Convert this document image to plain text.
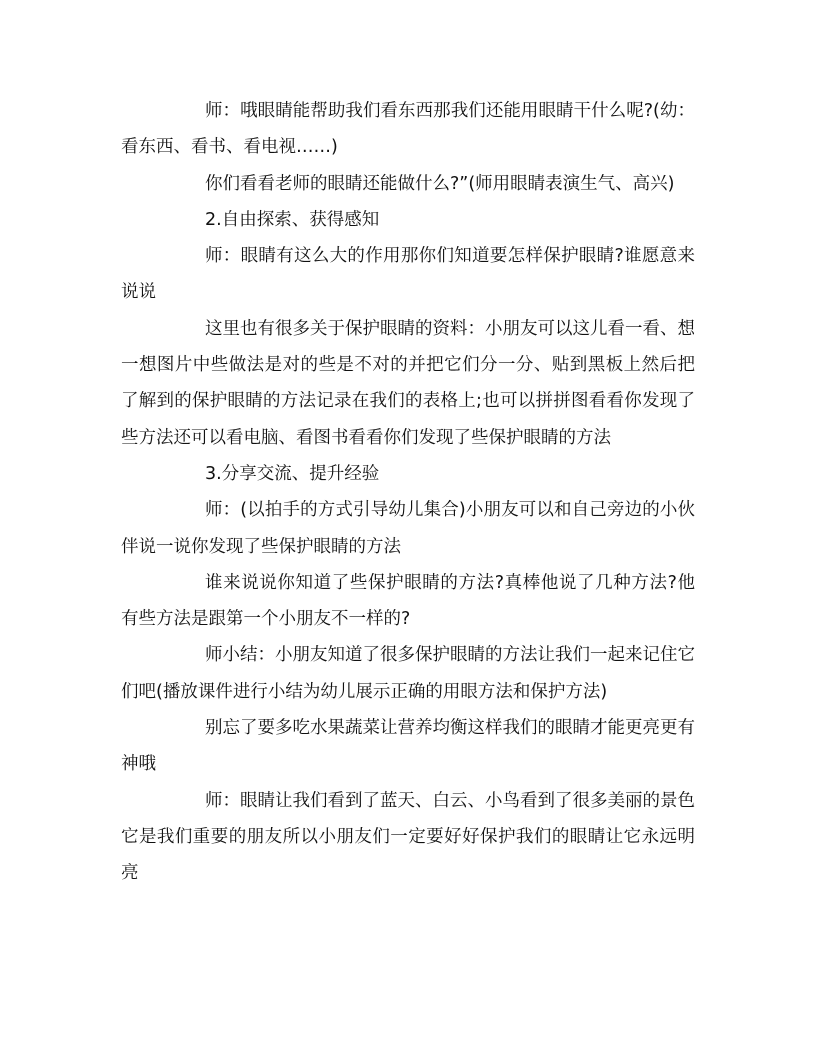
师：哦眼睛能帮助我们看东西那我们还能用眼睛干什么呢?(幼：看东西、看书、看电视……)

你们看看老师的眼睛还能做什么?”(师用眼睛表演生气、高兴)

2.自由探索、获得感知

师：眼睛有这么大的作用那你们知道要怎样保护眼睛?谁愿意来说说

这里也有很多关于保护眼睛的资料：小朋友可以这儿看一看、想一想图片中些做法是对的些是不对的并把它们分一分、贴到黑板上然后把了解到的保护眼睛的方法记录在我们的表格上;也可以拼拼图看看你发现了些方法还可以看电脑、看图书看看你们发现了些保护眼睛的方法

3.分享交流、提升经验

师：(以拍手的方式引导幼儿集合)小朋友可以和自己旁边的小伙伴说一说你发现了些保护眼睛的方法

谁来说说你知道了些保护眼睛的方法?真棒他说了几种方法?他有些方法是跟第一个小朋友不一样的?

师小结：小朋友知道了很多保护眼睛的方法让我们一起来记住它们吧(播放课件进行小结为幼儿展示正确的用眼方法和保护方法)

别忘了要多吃水果蔬菜让营养均衡这样我们的眼睛才能更亮更有神哦

师：眼睛让我们看到了蓝天、白云、小鸟看到了很多美丽的景色它是我们重要的朋友所以小朋友们一定要好好保护我们的眼睛让它永远明亮
